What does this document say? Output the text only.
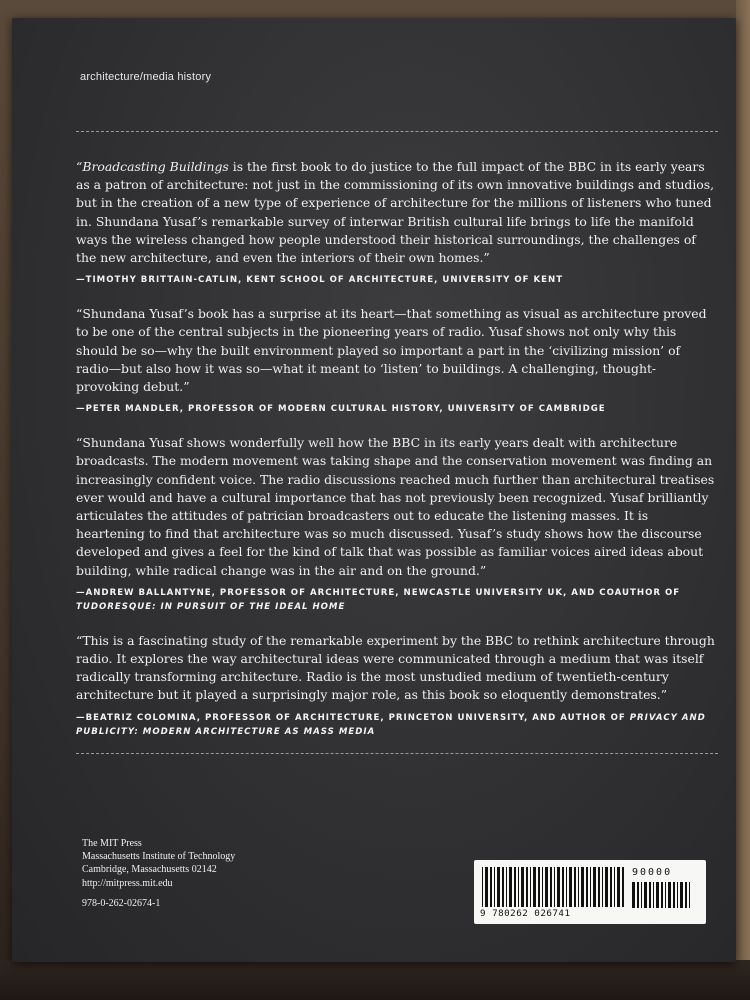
architecture/media history

“Broadcasting Buildings is the first book to do justice to the full impact of the BBC in its early years as a patron of architecture: not just in the commissioning of its own innovative buildings and studios, but in the creation of a new type of experience of architecture for the millions of listeners who tuned in. Shundana Yusaf’s remarkable survey of interwar British cultural life brings to life the manifold ways the wireless changed how people understood their historical surroundings, the challenges of the new architecture, and even the interiors of their own homes.”

—TIMOTHY BRITTAIN-CATLIN, KENT SCHOOL OF ARCHITECTURE, UNIVERSITY OF KENT

“Shundana Yusaf’s book has a surprise at its heart—that something as visual as architecture proved to be one of the central subjects in the pioneering years of radio. Yusaf shows not only why this should be so—why the built environment played so important a part in the ‘civilizing mission’ of radio—but also how it was so—what it meant to ‘listen’ to buildings. A challenging, thought-provoking debut.”

—PETER MANDLER, PROFESSOR OF MODERN CULTURAL HISTORY, UNIVERSITY OF CAMBRIDGE

“Shundana Yusaf shows wonderfully well how the BBC in its early years dealt with architecture broadcasts. The modern movement was taking shape and the conservation movement was finding an increasingly confident voice. The radio discussions reached much further than architectural treatises ever would and have a cultural importance that has not previously been recognized. Yusaf brilliantly articulates the attitudes of patrician broadcasters out to educate the listening masses. It is heartening to find that architecture was so much discussed. Yusaf’s study shows how the discourse developed and gives a feel for the kind of talk that was possible as familiar voices aired ideas about building, while radical change was in the air and on the ground.”

—ANDREW BALLANTYNE, PROFESSOR OF ARCHITECTURE, NEWCASTLE UNIVERSITY UK, AND COAUTHOR OF TUDORESQUE: IN PURSUIT OF THE IDEAL HOME

“This is a fascinating study of the remarkable experiment by the BBC to rethink architecture through radio. It explores the way architectural ideas were communicated through a medium that was itself radically transforming architecture. Radio is the most unstudied medium of twentieth-century architecture but it played a surprisingly major role, as this book so eloquently demonstrates.”

—BEATRIZ COLOMINA, PROFESSOR OF ARCHITECTURE, PRINCETON UNIVERSITY, AND AUTHOR OF PRIVACY AND PUBLICITY: MODERN ARCHITECTURE AS MASS MEDIA

The MIT Press
Massachusetts Institute of Technology
Cambridge, Massachusetts 02142
http://mitpress.mit.edu
978-0-262-02674-1
90000
9 780262 026741
